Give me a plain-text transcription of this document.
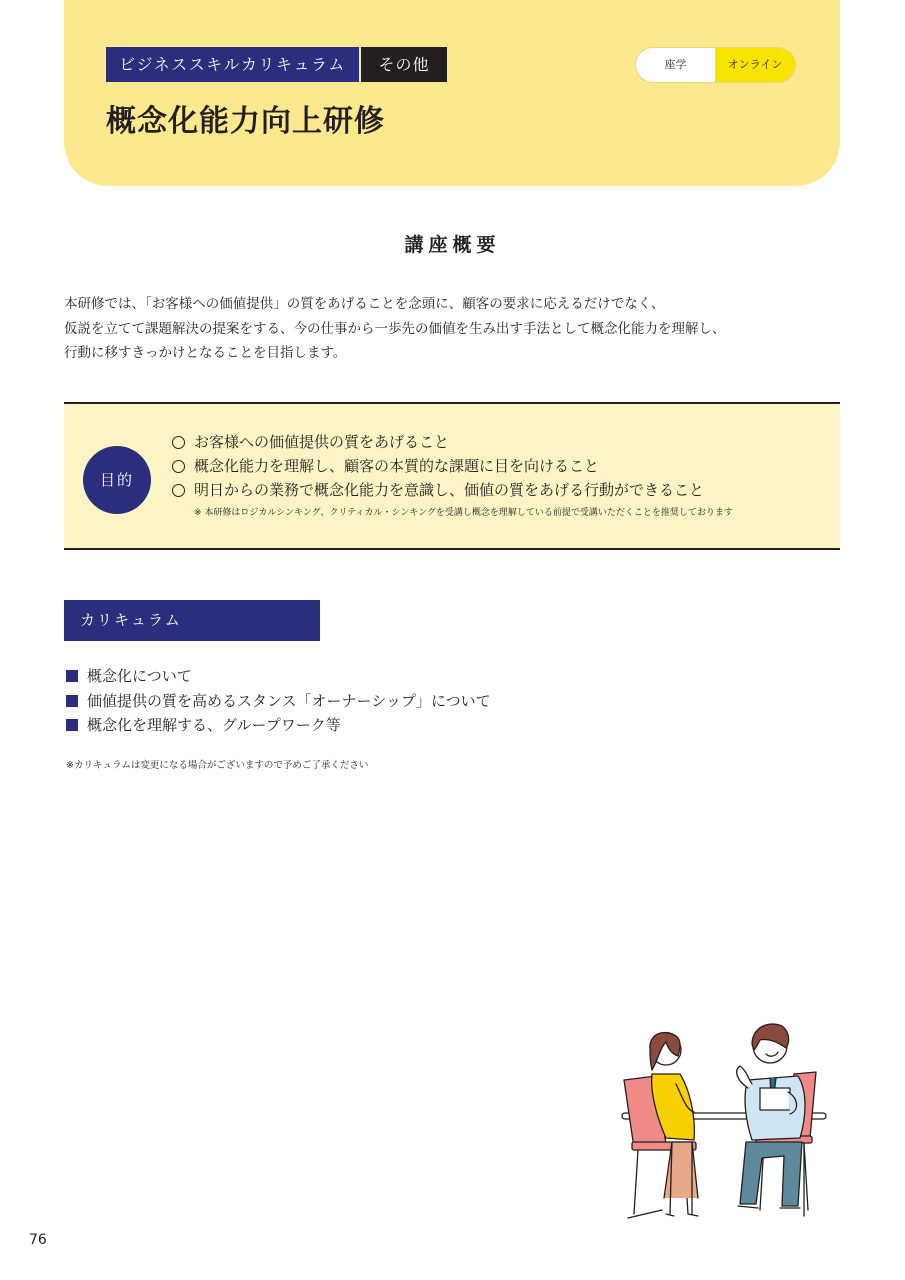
ビジネススキルカリキュラム	その他	座学	オンライン
概念化能力向上研修
講座概要

本研修では、「お客様への価値提供」の質をあげることを念頭に、顧客の要求に応えるだけでなく、

仮説を立てて課題解決の提案をする、今の仕事から一歩先の価値を生み出す手法として概念化能力を理解し、

行動に移すきっかけとなることを目指します。

目的
お客様への価値提供の質をあげること
概念化能力を理解し、顧客の本質的な課題に目を向けること
明日からの業務で概念化能力を意識し、価値の質をあげる行動ができること
※ 本研修はロジカルシンキング、クリティカル・シンキングを受講し概念を理解している前提で受講いただくことを推奨しております
カリキュラム
概念化について
価値提供の質を高めるスタンス「オーナーシップ」について
概念化を理解する、グループワーク等
※カリキュラムは変更になる場合がございますので予めご了承ください
76
